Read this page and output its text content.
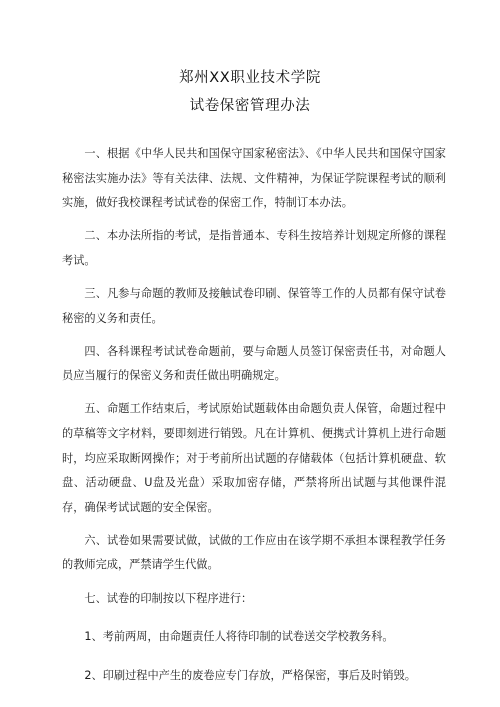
郑州XX职业技术学院
试卷保密管理办法

一、根据《中华人民共和国保守国家秘密法》、《中华人民共和国保守国家秘密法实施办法》等有关法律、法规、文件精神，为保证学院课程考试的顺利实施，做好我校课程考试试卷的保密工作，特制订本办法。

二、本办法所指的考试，是指普通本、专科生按培养计划规定所修的课程考试。

三、凡参与命题的教师及接触试卷印刷、保管等工作的人员都有保守试卷秘密的义务和责任。

四、各科课程考试试卷命题前，要与命题人员签订保密责任书，对命题人员应当履行的保密义务和责任做出明确规定。

五、命题工作结束后，考试原始试题载体由命题负责人保管，命题过程中的草稿等文字材料，要即刻进行销毁。凡在计算机、便携式计算机上进行命题时，均应采取断网操作；对于考前所出试题的存储载体（包括计算机硬盘、软盘、活动硬盘、U盘及光盘）采取加密存储，严禁将所出试题与其他课件混存，确保考试试题的安全保密。

六、试卷如果需要试做，试做的工作应由在该学期不承担本课程教学任务的教师完成，严禁请学生代做。

七、试卷的印制按以下程序进行：

1、考前两周，由命题责任人将待印制的试卷送交学校教务科。

2、印刷过程中产生的废卷应专门存放，严格保密，事后及时销毁。
